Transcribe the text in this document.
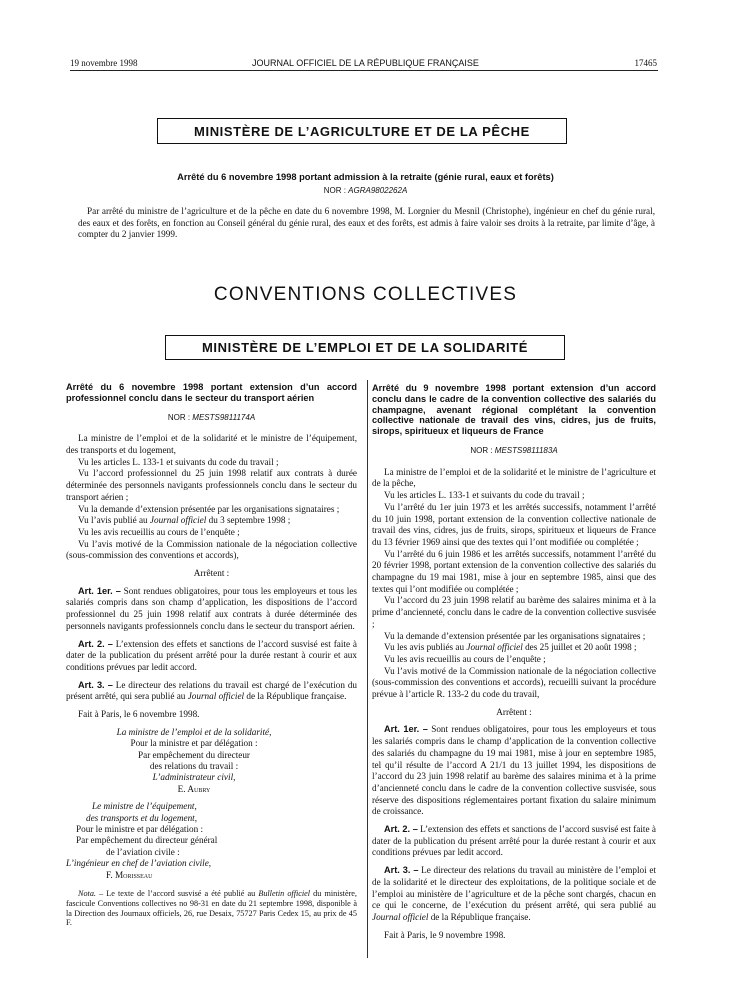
19 novembre 1998	JOURNAL OFFICIEL DE LA RÉPUBLIQUE FRANÇAISE	17465
MINISTÈRE DE L’AGRICULTURE ET DE LA PÊCHE
Arrêté du 6 novembre 1998 portant admission à la retraite (génie rural, eaux et forêts)
NOR : AGRA9802262A
Par arrêté du ministre de l’agriculture et de la pêche en date du 6 novembre 1998, M. Lorgnier du Mesnil (Christophe), ingénieur en chef du génie rural, des eaux et des forêts, en fonction au Conseil général du génie rural, des eaux et des forêts, est admis à faire valoir ses droits à la retraite, par limite d’âge, à compter du 2 janvier 1999.
CONVENTIONS COLLECTIVES
MINISTÈRE DE L’EMPLOI ET DE LA SOLIDARITÉ

Arrêté du 6 novembre 1998 portant extension d’un accord professionnel conclu dans le secteur du transport aérien

NOR : MESTS9811174A

La ministre de l’emploi et de la solidarité et le ministre de l’équipement, des transports et du logement,

Vu les articles L. 133-1 et suivants du code du travail ;

Vu l’accord professionnel du 25 juin 1998 relatif aux contrats à durée déterminée des personnels navigants professionnels conclu dans le secteur du transport aérien ;

Vu la demande d’extension présentée par les organisations signataires ;

Vu l’avis publié au Journal officiel du 3 septembre 1998 ;

Vu les avis recueillis au cours de l’enquête ;

Vu l’avis motivé de la Commission nationale de la négociation collective (sous-commission des conventions et accords),

Arrêtent :

Art. 1er. – Sont rendues obligatoires, pour tous les employeurs et tous les salariés compris dans son champ d’application, les dispositions de l’accord professionnel du 25 juin 1998 relatif aux contrats à durée déterminée des personnels navigants professionnels conclu dans le secteur du transport aérien.

Art. 2. – L’extension des effets et sanctions de l’accord susvisé est faite à dater de la publication du présent arrêté pour la durée restant à courir et aux conditions prévues par ledit accord.

Art. 3. – Le directeur des relations du travail est chargé de l’exécution du présent arrêté, qui sera publié au Journal officiel de la République française.

Fait à Paris, le 6 novembre 1998.

La ministre de l’emploi et de la solidarité,
Pour la ministre et par délégation :
Par empêchement du directeur
des relations du travail :
L’administrateur civil,
E. Aubry
Le ministre de l’équipement,
des transports et du logement,
Pour le ministre et par délégation :
Par empêchement du directeur général
de l’aviation civile :
L’ingénieur en chef de l’aviation civile,
F. Morisseau

Nota. – Le texte de l’accord susvisé a été publié au Bulletin officiel du ministère, fascicule Conventions collectives no 98-31 en date du 21 septembre 1998, disponible à la Direction des Journaux officiels, 26, rue Desaix, 75727 Paris Cedex 15, au prix de 45 F.

Arrêté du 9 novembre 1998 portant extension d’un accord conclu dans le cadre de la convention collective des salariés du champagne, avenant régional complétant la convention collective nationale de travail des vins, cidres, jus de fruits, sirops, spiritueux et liqueurs de France

NOR : MESTS9811183A

La ministre de l’emploi et de la solidarité et le ministre de l’agriculture et de la pêche,

Vu les articles L. 133-1 et suivants du code du travail ;

Vu l’arrêté du 1er juin 1973 et les arrêtés successifs, notamment l’arrêté du 10 juin 1998, portant extension de la convention collective nationale de travail des vins, cidres, jus de fruits, sirops, spiritueux et liqueurs de France du 13 février 1969 ainsi que des textes qui l’ont modifiée ou complétée ;

Vu l’arrêté du 6 juin 1986 et les arrêtés successifs, notamment l’arrêté du 20 février 1998, portant extension de la convention collective des salariés du champagne du 19 mai 1981, mise à jour en septembre 1985, ainsi que des textes qui l’ont modifiée ou complétée ;

Vu l’accord du 23 juin 1998 relatif au barème des salaires minima et à la prime d’ancienneté, conclu dans le cadre de la convention collective susvisée ;

Vu la demande d’extension présentée par les organisations signataires ;

Vu les avis publiés au Journal officiel des 25 juillet et 20 août 1998 ;

Vu les avis recueillis au cours de l’enquête ;

Vu l’avis motivé de la Commission nationale de la négociation collective (sous-commission des conventions et accords), recueilli suivant la procédure prévue à l’article R. 133-2 du code du travail,

Arrêtent :

Art. 1er. – Sont rendues obligatoires, pour tous les employeurs et tous les salariés compris dans le champ d’application de la convention collective des salariés du champagne du 19 mai 1981, mise à jour en septembre 1985, tel qu’il résulte de l’accord A 21/1 du 13 juillet 1994, les dispositions de l’accord du 23 juin 1998 relatif au barème des salaires minima et à la prime d’ancienneté conclu dans le cadre de la convention collective susvisée, sous réserve des dispositions réglementaires portant fixation du salaire minimum de croissance.

Art. 2. – L’extension des effets et sanctions de l’accord susvisé est faite à dater de la publication du présent arrêté pour la durée restant à courir et aux conditions prévues par ledit accord.

Art. 3. – Le directeur des relations du travail au ministère de l’emploi et de la solidarité et le directeur des exploitations, de la politique sociale et de l’emploi au ministère de l’agriculture et de la pêche sont chargés, chacun en ce qui le concerne, de l’exécution du présent arrêté, qui sera publié au Journal officiel de la République française.

Fait à Paris, le 9 novembre 1998.
